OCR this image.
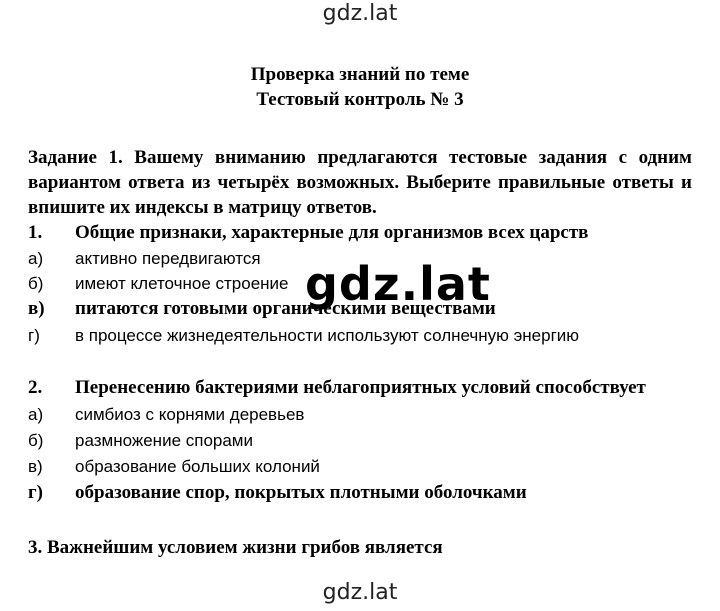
gdz.lat
Проверка знаний по теме
Тестовый контроль № 3
Задание 1. Вашему вниманию предлагаются тестовые задания с одним вариантом ответа из четырёх возможных. Выберите правильные ответы и впишите их индексы в матрицу ответов.
1. Общие признаки, характерные для организмов всех царств
а) активно передвигаются
б) имеют клеточное строение
в) питаются готовыми органическими веществами
г) в процессе жизнедеятельности используют солнечную энергию
2. Перенесению бактериями неблагоприятных условий способствует
а) симбиоз с корнями деревьев
б) размножение спорами
в) образование больших колоний
г) образование спор, покрытых плотными оболочками
3. Важнейшим условием жизни грибов является
gdz.lat
gdz.lat
